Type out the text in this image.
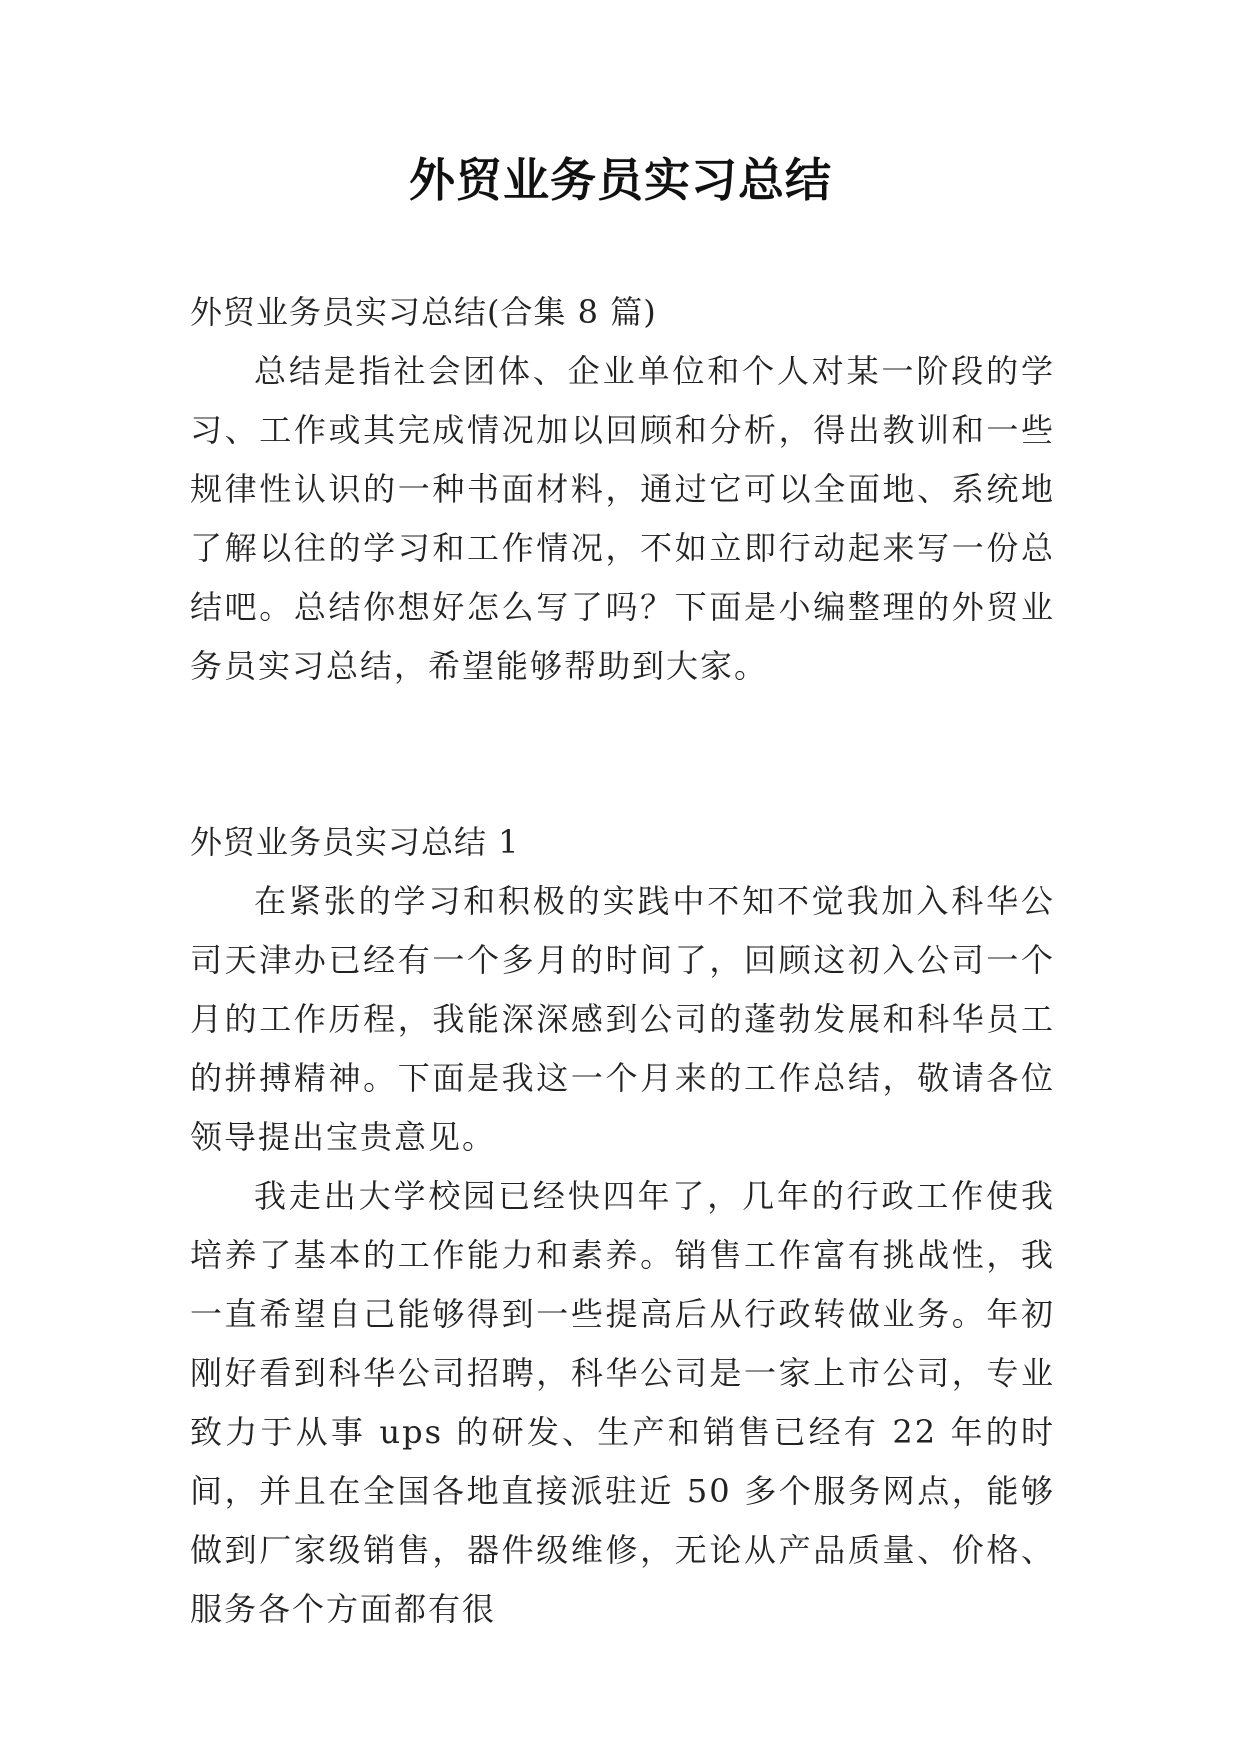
外贸业务员实习总结
外贸业务员实习总结(合集 8 篇)

总结是指社会团体、企业单位和个人对某一阶段的学习、工作或其完成情况加以回顾和分析，得出教训和一些规律性认识的一种书面材料，通过它可以全面地、系统地了解以往的学习和工作情况，不如立即行动起来写一份总结吧。总结你想好怎么写了吗？下面是小编整理的外贸业务员实习总结，希望能够帮助到大家。

外贸业务员实习总结 1

在紧张的学习和积极的实践中不知不觉我加入科华公司天津办已经有一个多月的时间了，回顾这初入公司一个月的工作历程，我能深深感到公司的蓬勃发展和科华员工的拼搏精神。下面是我这一个月来的工作总结，敬请各位领导提出宝贵意见。

我走出大学校园已经快四年了，几年的行政工作使我培养了基本的工作能力和素养。销售工作富有挑战性，我一直希望自己能够得到一些提高后从行政转做业务。年初刚好看到科华公司招聘，科华公司是一家上市公司，专业致力于从事 ups 的研发、生产和销售已经有 22 年的时间，并且在全国各地直接派驻近 50 多个服务网点，能够做到厂家级销售，器件级维修，无论从产品质量、价格、服务各个方面都有很
